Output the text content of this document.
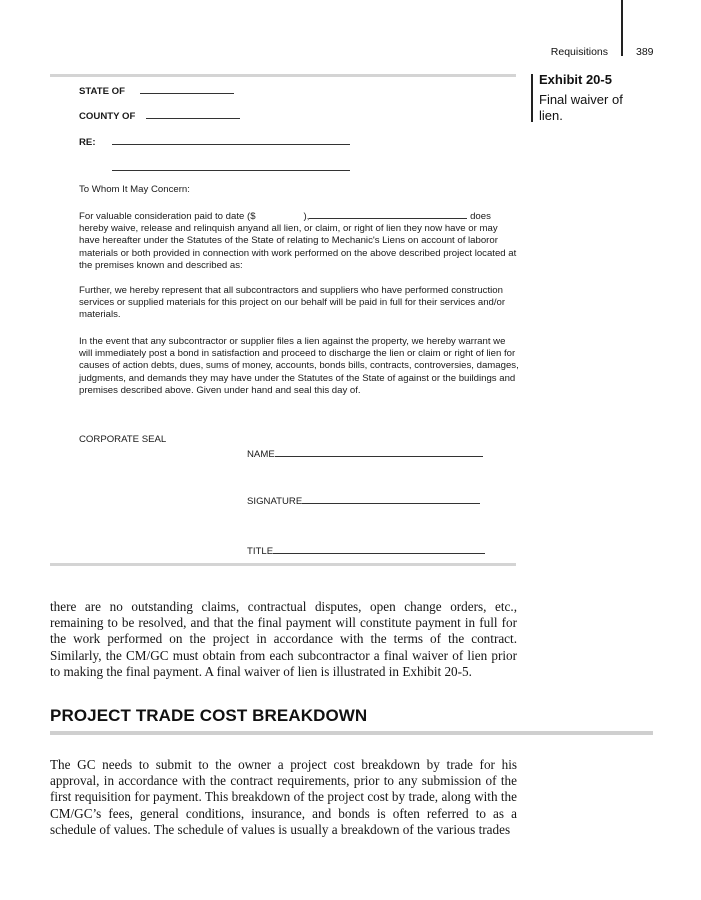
Requisitions	389
Exhibit 20-5
Final waiver of lien.
STATE OF
COUNTY OF
RE:
To Whom It May Concern:

For valuable consideration paid to date ($	),	does hereby waive, release and relinquish anyand all lien, or claim, or right of lien they now have or may have hereafter under the Statutes of the State of relating to Mechanic's Liens on account of laboror materials or both provided in connection with work performed on the above described project located at the premises known and described as:

Further, we hereby represent that all subcontractors and suppliers who have performed construction services or supplied materials for this project on our behalf will be paid in full for their services and/or materials.

In the event that any subcontractor or supplier files a lien against the property, we hereby warrant we will immediately post a bond in satisfaction and proceed to discharge the lien or claim or right of lien for causes of action debts, dues, sums of money, accounts, bonds bills, contracts, controversies, damages, judgments, and demands they may have under the Statutes of the State of against or the buildings and premises described above. Given under hand and seal this day of.

CORPORATE SEAL
NAME
SIGNATURE
TITLE

there are no outstanding claims, contractual disputes, open change orders, etc., remaining to be resolved, and that the final payment will constitute payment in full for the work performed on the project in accordance with the terms of the contract. Similarly, the CM/GC must obtain from each subcontractor a final waiver of lien prior to making the final payment. A final waiver of lien is illustrated in Exhibit 20-5.

PROJECT TRADE COST BREAKDOWN

The GC needs to submit to the owner a project cost breakdown by trade for his approval, in accordance with the contract requirements, prior to any submission of the first requisition for payment. This breakdown of the project cost by trade, along with the CM/GC’s fees, general conditions, insurance, and bonds is often referred to as a schedule of values. The schedule of values is usually a breakdown of the various trades
